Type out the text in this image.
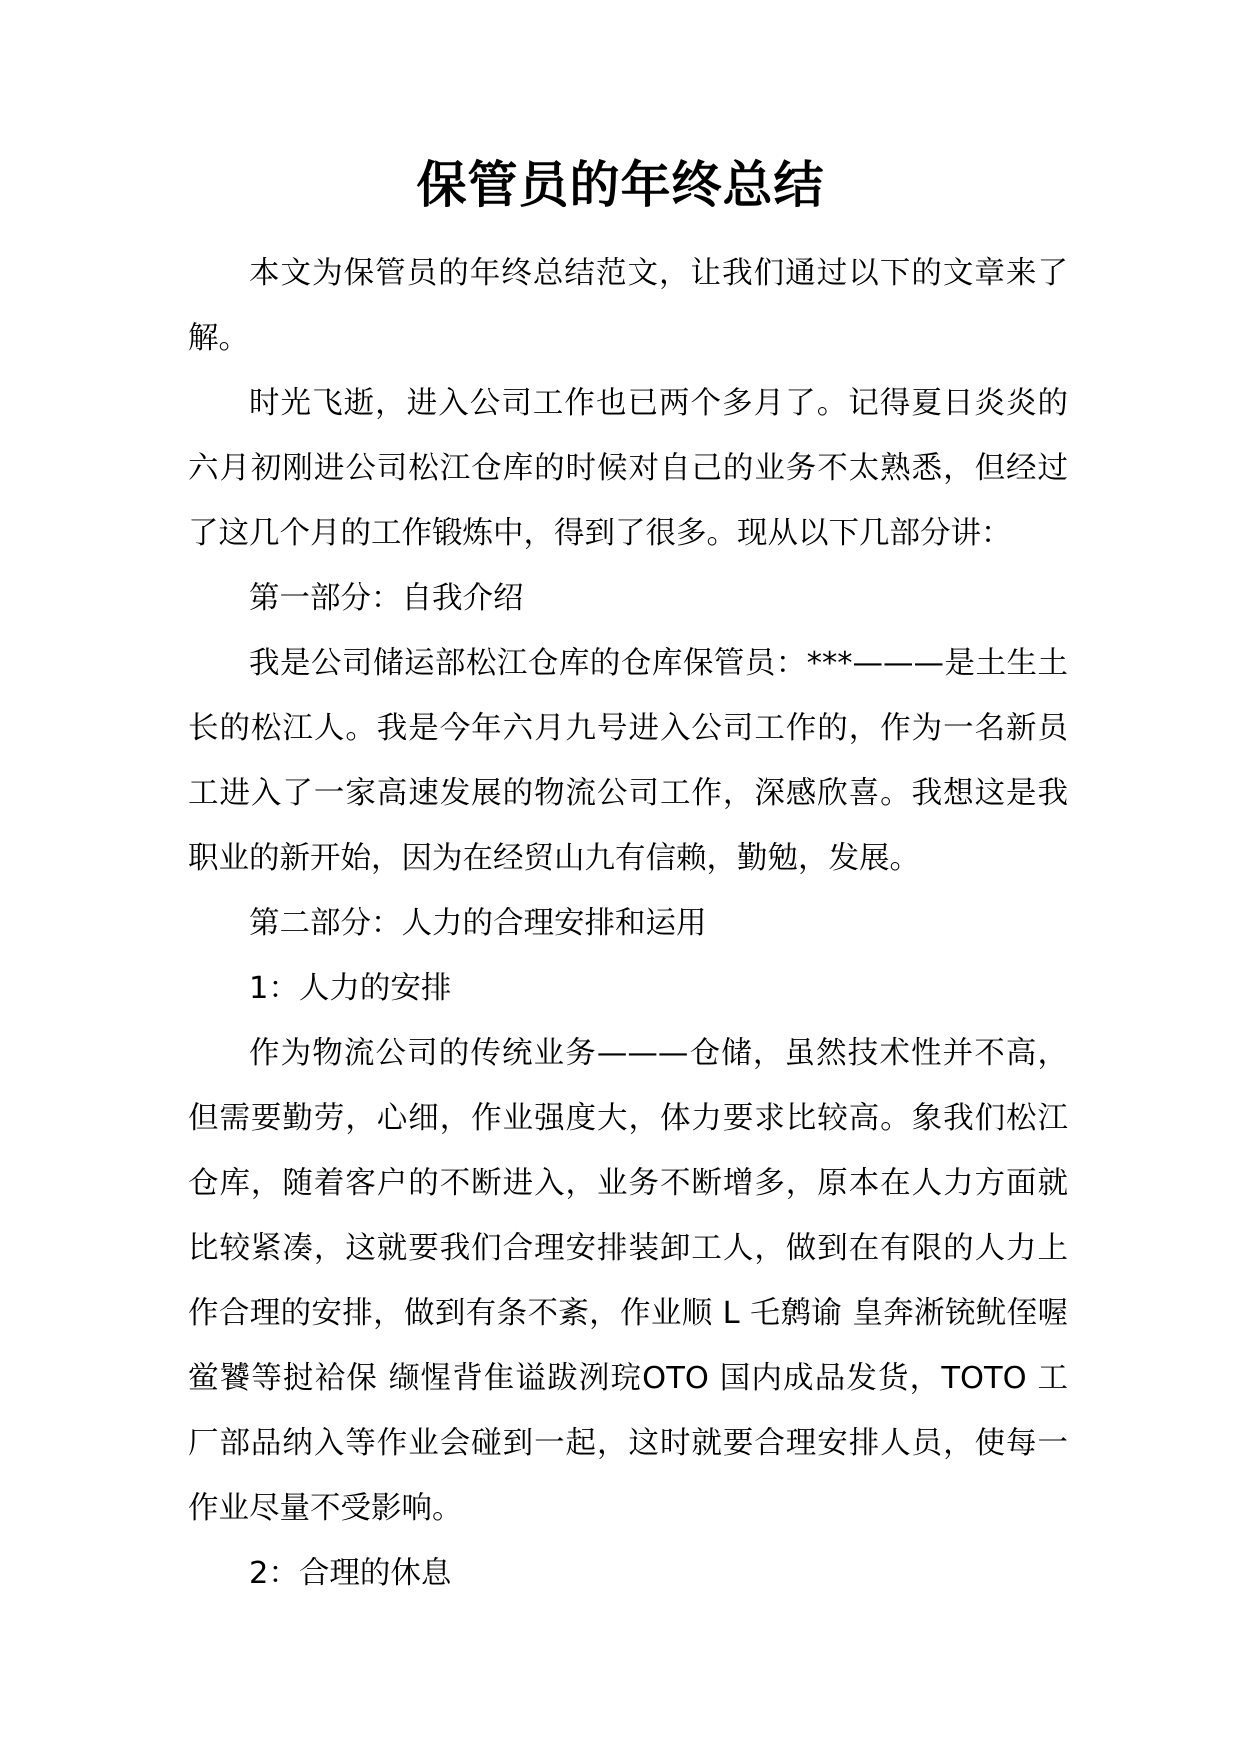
保管员的年终总结

本文为保管员的年终总结范文，让我们通过以下的文章来了解。

时光飞逝，进入公司工作也已两个多月了。记得夏日炎炎的六月初刚进公司松江仓库的时候对自己的业务不太熟悉，但经过了这几个月的工作锻炼中，得到了很多。现从以下几部分讲：

第一部分：自我介绍

我是公司储运部松江仓库的仓库保管员：***———是土生土长的松江人。我是今年六月九号进入公司工作的，作为一名新员工进入了一家高速发展的物流公司工作，深感欣喜。我想这是我职业的新开始，因为在经贸山九有信赖，勤勉，发展。

第二部分：人力的合理安排和运用

1：人力的安排

作为物流公司的传统业务———仓储，虽然技术性并不高，但需要勤劳，心细，作业强度大，体力要求比较高。象我们松江仓库，随着客户的不断进入，业务不断增多，原本在人力方面就比较紧凑，这就要我们合理安排装卸工人，做到在有限的人力上作合理的安排，做到有条不紊，作业顺 L 乇鹩谕 皇奔淅铳鱿侄喔鲎饕等挝袷保 缬惺背隹谥跋洌琓OTO 国内成品发货，TOTO 工厂部品纳入等作业会碰到一起，这时就要合理安排人员，使每一作业尽量不受影响。

2：合理的休息
